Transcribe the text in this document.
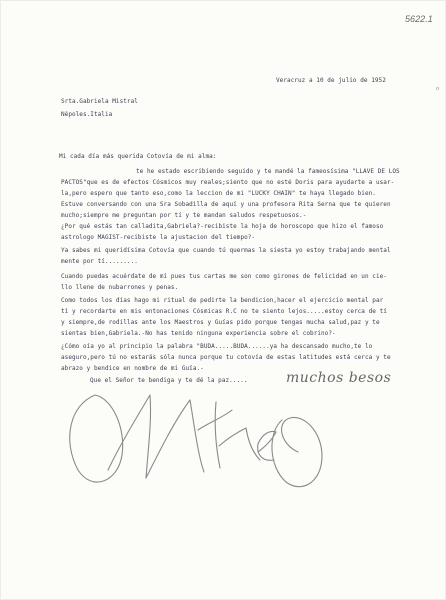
5622.1
o
Veracruz a 10 de julio de 1952
Srta.Gabriela Mistral
Népoles.Italia
Mi cada día más querida Cotovía de mi alma:
te he estado escribiendo seguido y te mandé la fameosísima "LLAVE DE LOS
PACTOS"que es de efectos Cósmicos muy reales;siento que no esté Doris para ayudarte a usar-
la,pero espero que tanto eso,como la leccion de mi "LUCKY CHAIN" te haya llegado bien.
Estuve conversando con una Sra Sobadilla de aquí y una profesora Rita Serna que te quieren
mucho;siempre me preguntan por tí y te mandan saludos respetuosos.-
¿Por qué estás tan calladita,Gabriela?-recibiste la hoja de horoscopo que hizo el famoso
astrologo MAGIST-recibiste la ajustacion del tiempo?-
Ya sabes mi queridísima Cotovía que cuando tú quermas la siesta yo estoy trabajando mental
mente por tí.........
Cuando puedas acuérdate de mí pues tus cartas me son como girones de felicidad en un cie-
llo llene de nubarrones y penas.
Como todos los días hago mi ritual de pedirte la bendicion,hacer el ejercicio mental par
tí y recordarte en mis entonaciones Cósmicas R.C no te siento lejos.....estoy cerca de tí
y siempre,de rodillas ante los Maestros y Guías pido porque tengas mucha salud,paz y te
sientas bien,Gabriela.-No has tenido ninguna experiencia sobre el cobrino?-
¿Cómo oía yo al principio la palabra "BUDA.....BUDA......ya ha descansado mucho,te lo
aseguro,pero tú no estarás sóla nunca porque tu cotovía de estas latitudes está cerca y te
abrazo y bendice en nombre de mi Guía.-
Que el Señor te bendiga y te dé la paz.....	muchos besos
